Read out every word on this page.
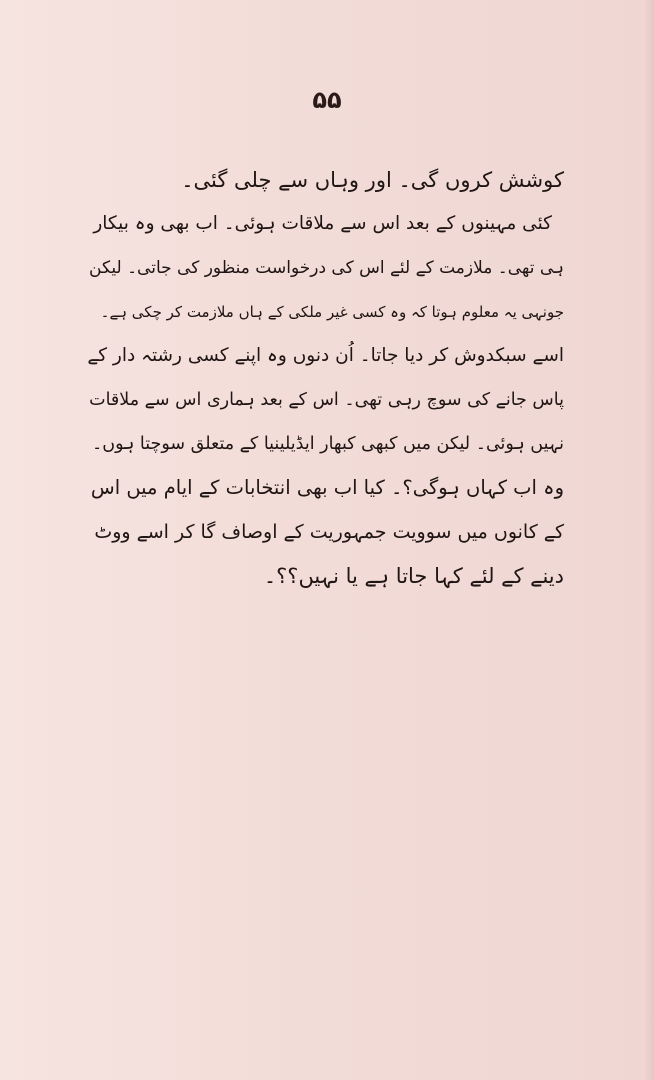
۵۵
کوشش کروں گی۔ اور وہاں سے چلی گئی۔
کئی مہینوں کے بعد اس سے ملاقات ہوئی۔ اب بھی وہ بیکار
ہی تھی۔ ملازمت کے لئے اس کی درخواست منظور کی جاتی۔ لیکن
جونہی یہ معلوم ہوتا کہ وہ کسی غیر ملکی کے ہاں ملازمت کر چکی ہے۔
اسے سبکدوش کر دیا جاتا۔ اُن دنوں وہ اپنے کسی رشتہ دار کے
پاس جانے کی سوچ رہی تھی۔ اس کے بعد ہماری اس سے ملاقات
نہیں ہوئی۔ لیکن میں کبھی کبھار ایڈیلینیا کے متعلق سوچتا ہوں۔
وہ اب کہاں ہوگی؟۔ کیا اب بھی انتخابات کے ایام میں اس
کے کانوں میں سوویت جمہوریت کے اوصاف گا کر اسے ووٹ
دینے کے لئے کہا جاتا ہے یا نہیں؟؟۔
